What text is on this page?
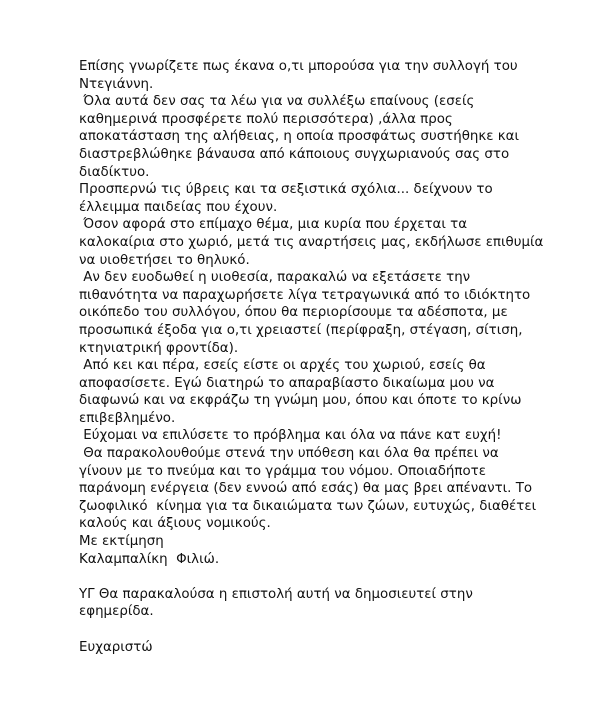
Επίσης γνωρίζετε πως έκανα ο,τι μπορούσα για την συλλογή του
Ντεγιάννη.
Όλα αυτά δεν σας τα λέω για να συλλέξω επαίνους (εσείς
καθημερινά προσφέρετε πολύ περισσότερα) ,άλλα προς
αποκατάσταση της αλήθειας, η οποία προσφάτως συστήθηκε και
διαστρεβλώθηκε βάναυσα από κάποιους συγχωριανούς σας στο
διαδίκτυο.
Προσπερνώ τις ύβρεις και τα σεξιστικά σχόλια... δείχνουν το
έλλειμμα παιδείας που έχουν.
Όσον αφορά στο επίμαχο θέμα, μια κυρία που έρχεται τα
καλοκαίρια στο χωριό, μετά τις αναρτήσεις μας, εκδήλωσε επιθυμία
να υιοθετήσει το θηλυκό.
Αν δεν ευοδωθεί η υιοθεσία, παρακαλώ να εξετάσετε την
πιθανότητα να παραχωρήσετε λίγα τετραγωνικά από το ιδιόκτητο
οικόπεδο του συλλόγου, όπου θα περιορίσουμε τα αδέσποτα, με
προσωπικά έξοδα για ο,τι χρειαστεί (περίφραξη, στέγαση, σίτιση,
κτηνιατρική φροντίδα).
Από κει και πέρα, εσείς είστε οι αρχές του χωριού, εσείς θα
αποφασίσετε. Εγώ διατηρώ το απαραβίαστο δικαίωμα μου να
διαφωνώ και να εκφράζω τη γνώμη μου, όπου και όποτε το κρίνω
επιβεβλημένο.
Εύχομαι να επιλύσετε το πρόβλημα και όλα να πάνε κατ ευχή!
Θα παρακολουθούμε στενά την υπόθεση και όλα θα πρέπει να
γίνουν με το πνεύμα και το γράμμα του νόμου. Οποιαδήποτε
παράνομη ενέργεια (δεν εννοώ από εσάς) θα μας βρει απέναντι. Το
ζωοφιλικό  κίνημα για τα δικαιώματα των ζώων, ευτυχώς, διαθέτει
καλούς και άξιους νομικούς.
Με εκτίμηση
Καλαμπαλίκη  Φιλιώ.
ΥΓ Θα παρακαλούσα η επιστολή αυτή να δημοσιευτεί στην
εφημερίδα.
Ευχαριστώ
